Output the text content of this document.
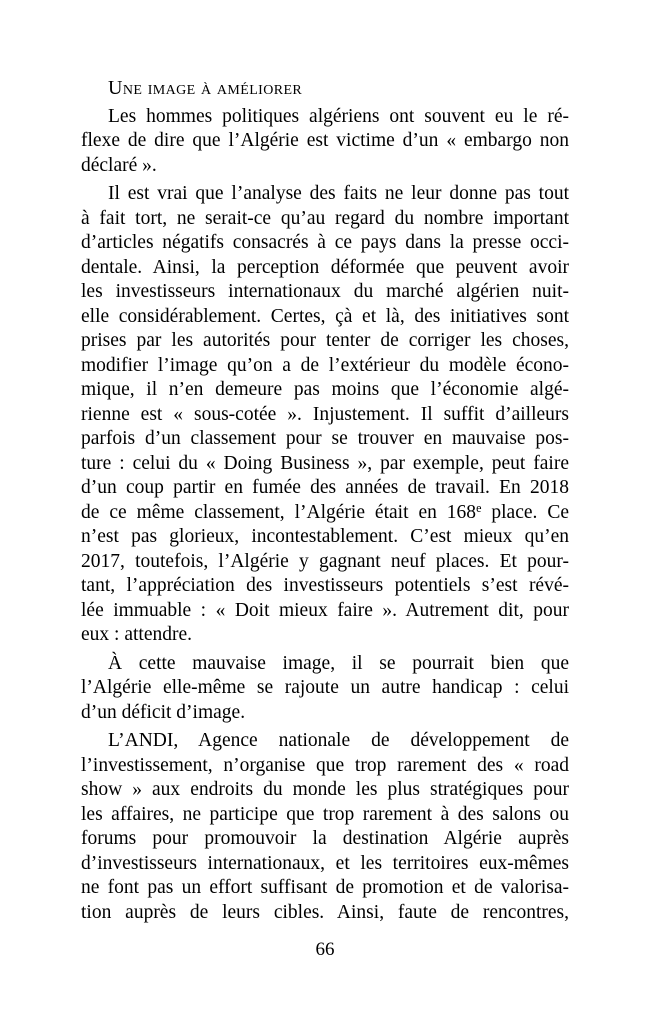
Une image à améliorer
Les hommes politiques algériens ont souvent eu le ré-
flexe de dire que l’Algérie est victime d’un « embargo non
déclaré ».
Il est vrai que l’analyse des faits ne leur donne pas tout
à fait tort, ne serait-ce qu’au regard du nombre important
d’articles négatifs consacrés à ce pays dans la presse occi-
dentale. Ainsi, la perception déformée que peuvent avoir
les investisseurs internationaux du marché algérien nuit-
elle considérablement. Certes, çà et là, des initiatives sont
prises par les autorités pour tenter de corriger les choses,
modifier l’image qu’on a de l’extérieur du modèle écono-
mique, il n’en demeure pas moins que l’économie algé-
rienne est « sous-cotée ». Injustement. Il suffit d’ailleurs
parfois d’un classement pour se trouver en mauvaise pos-
ture : celui du « Doing Business », par exemple, peut faire
d’un coup partir en fumée des années de travail. En 2018
de ce même classement, l’Algérie était en 168e place. Ce
n’est pas glorieux, incontestablement. C’est mieux qu’en
2017, toutefois, l’Algérie y gagnant neuf places. Et pour-
tant, l’appréciation des investisseurs potentiels s’est révé-
lée immuable : « Doit mieux faire ». Autrement dit, pour
eux : attendre.
À cette mauvaise image, il se pourrait bien que
l’Algérie elle-même se rajoute un autre handicap : celui
d’un déficit d’image.
L’ANDI, Agence nationale de développement de
l’investissement, n’organise que trop rarement des « road
show » aux endroits du monde les plus stratégiques pour
les affaires, ne participe que trop rarement à des salons ou
forums pour promouvoir la destination Algérie auprès
d’investisseurs internationaux, et les territoires eux-mêmes
ne font pas un effort suffisant de promotion et de valorisa-
tion auprès de leurs cibles. Ainsi, faute de rencontres,
66
